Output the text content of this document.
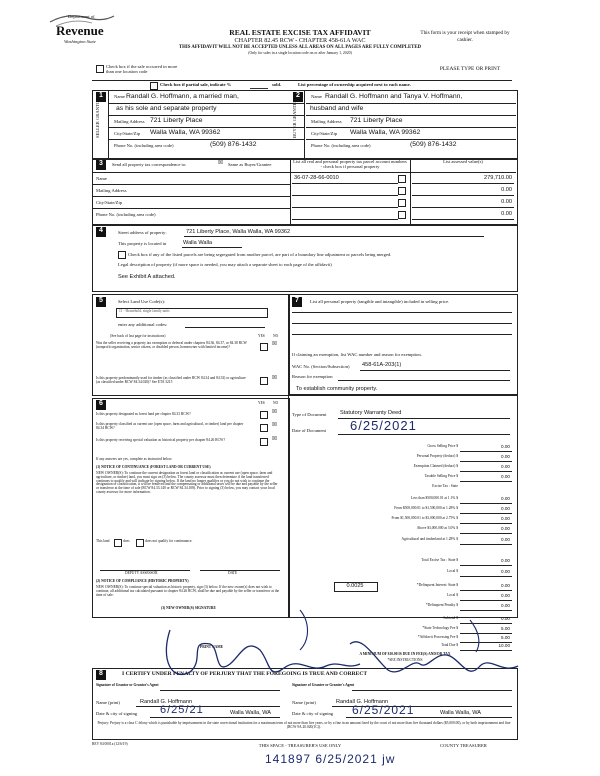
Department of
Revenue
Washington State
REAL ESTATE EXCISE TAX AFFIDAVIT
CHAPTER 82.45 RCW - CHAPTER 458-61A WAC
THIS AFFIDAVIT WILL NOT BE ACCEPTED UNLESS ALL AREAS ON ALL PAGES ARE FULLY COMPLETED
(Only for sales in a single location code on or after January 1, 2020)
This form is your receipt when stamped by cashier.
PLEASE TYPE OR PRINT
Check box if the sale occurred in more than one location code
Check box if partial sale, indicate %	sold.	List percentage of ownership acquired next to each name.
1	2
SELLER GRANTOR	BUYER GRANTEE
Name Randall G. Hoffmann, a married man,
as his sole and separate property
Mailing Address 721 Liberty Place
City/State/Zip Walla Walla, WA 99362
Phone No. (including area code)	(509) 876-1432
Name Randall G. Hoffmann and Tanya V. Hoffmann,
husband and wife
Mailing Address 721 Liberty Place
City/State/Zip Walla Walla, WA 99362
Phone No. (including area code)	(509) 876-1432
3	Send all property tax correspondence to:	☒ Same as Buyer/Grantee
List all real and personal property tax parcel account numbers - check box if personal property
List assessed value(s)
Name
Mailing Address
City/State/Zip
Phone No. (including area code)
36-07-28-66-0010	279,710.00
0.00
0.00
0.00
4	Street address of property:	721 Liberty Place, Walla Walla, WA 99362
This property is located in	Walla Walla
Check box if any of the listed parcels are being segregated from another parcel, are part of a boundary line adjustment or parcels being merged.
Legal description of property (if more space is needed, you may attach a separate sheet to each page of the affidavit)
See Exhibit A attached.
5	Select Land Use Code(s):
11 - Household, single family units
enter any additional codes:
(See back of last page for instructions)	YES NO
Was the seller receiving a property tax exemption or deferral under chapters 84.36, 84.37, or 84.38 RCW (nonprofit organization, senior citizen, or disabled person, homeowner with limited income)?	☒
Is this property predominantly used for timber (as classified under RCW 84.34 and 84.33) or agriculture (as classified under RCW 84.34.020)? See ETA 3215
☒
6	YES NO
Is this property designated as forest land per chapter 84.33 RCW?	☒
Is this property classified as current use (open space, farm and agricultural, or timber) land per chapter 84.34 RCW?	☒
Is this property receiving special valuation as historical property per chapter 84.26 RCW?	☒
If any answers are yes, complete as instructed below.
(1) NOTICE OF CONTINUANCE (FOREST LAND OR CURRENT USE)
NEW OWNER(S): To continue the current designation as forest land or classification as current use (open space, farm and agriculture, or timber) land, you must sign on (3) below. The county assessor must then determine if the land transferred continues to qualify and will indicate by signing below. If the land no longer qualifies or you do not wish to continue the designation or classification, it will be removed and the compensating or additional taxes will be due and payable by the seller or transferor at the time of sale (RCW 84.33.140 or RCW 84.34.108). Prior to signing (3) below, you may contact your local county assessor for more information.
This land	does	does not qualify for continuance.
DEPUTY ASSESSOR	DATE
(2) NOTICE OF COMPLIANCE (HISTORIC PROPERTY)
NEW OWNER(S): To continue special valuation as historic property, sign (3) below. If the new owner(s) does not wish to continue, all additional tax calculated pursuant to chapter 84.26 RCW, shall be due and payable by the seller or transferor at the time of sale.
(3) NEW OWNER(S) SIGNATURE
PRINT NAME
7	List all personal property (tangible and intangible) included in selling price.
If claiming an exemption, list WAC number and reason for exemption.
WAC No. (Section/Subsection) 458-61A-203(1)
Reason for exemption
To establish community property.
Type of Document Statutory Warranty Deed
Date of Document 6/25/2021
Gross Selling Price $	0.00
Personal Property (deduct) $	0.00
Exemption Claimed (deduct) $	0.00
Taxable Selling Price $	0.00
Excise Tax : State
Less than $500,000.01 at 1.1% $	0.00
From $500,000.01 to $1,500,000 at 1.28% $	0.00
From $1,500,000.01 to $3,000,000 at 2.75% $	0.00
Above $3,000,000 at 3.0% $	0.00
Agricultural and timberland at 1.28% $	0.00
Total Excise Tax : State $	0.00
Local $	0.00
*Delinquent Interest: State $	0.00
Local $	0.00
*Delinquent Penalty $	0.00
Subtotal $	0.00
*State Technology Fee $	5.00
*Affidavit Processing Fee $	5.00
Total Due $	10.00
0.0025
A MINIMUM OF $10.00 IS DUE IN FEE(S) AND/OR TAX
*SEE INSTRUCTIONS
8	I CERTIFY UNDER PENALTY OF PERJURY THAT THE FOREGOING IS TRUE AND CORRECT
Signature of Grantor or Grantor's Agent	Signature of Grantee or Grantee's Agent
Name (print)	Randall G. Hoffmann	Name (print)	Randall G. Hoffmann
Date & city of signing 6/25/21	Walla Walla, WA	Date & city of signing 6/25/2021	Walla Walla, WA
Perjury: Perjury is a class C felony which is punishable by imprisonment in the state correctional institution for a maximum term of not more than five years, or by a fine in an amount fixed by the court of not more than five thousand dollars ($5,000.00), or by both imprisonment and fine (RCW 9A.20.020(1C)).
REV 84 0001a (12/6/19)	THIS SPACE - TREASURER'S USE ONLY	COUNTY TREASURER
141897 6/25/2021 jw
